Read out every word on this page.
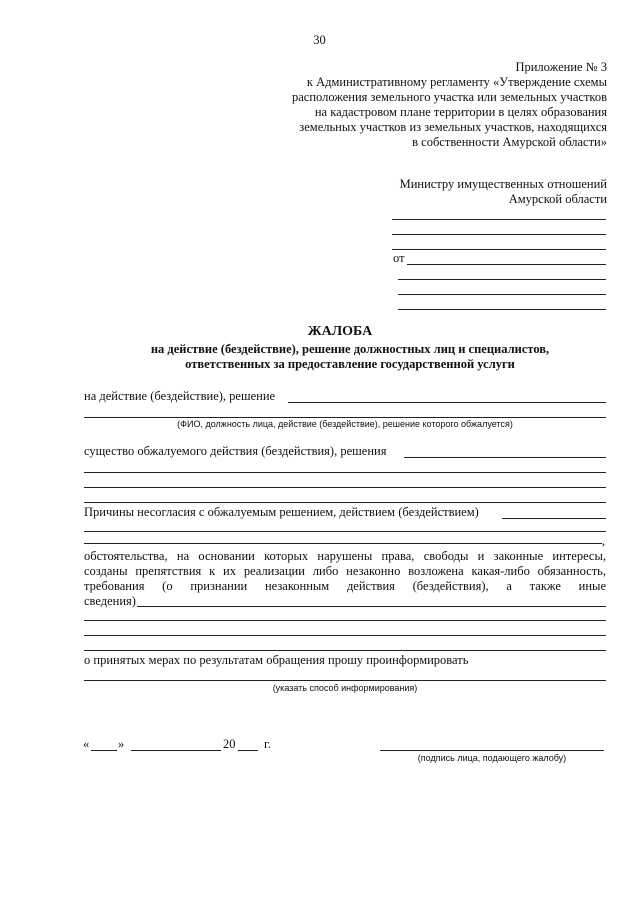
30
Приложение № 3
к Административному регламенту «Утверждение схемы
расположения земельного участка или земельных участков
на кадастровом плане территории в целях образования
земельных участков из земельных участков, находящихся
в собственности Амурской области»
Министру имущественных отношений
Амурской области
от
ЖАЛОБА
на действие (бездействие), решение должностных лиц и специалистов,
ответственных за предоставление государственной услуги
на действие (бездействие), решение
(ФИО, должность лица, действие (бездействие), решение которого обжалуется)
существо обжалуемого действия (бездействия), решения
Причины несогласия с обжалуемым решением, действием (бездействием)
,
обстоятельства, на основании которых нарушены права, свободы и законные интересы,
созданы препятствия к их реализации либо незаконно возложена какая-либо обязанность,
требования (о признании незаконным действия (бездействия), а также иные
сведения)
о принятых мерах по результатам обращения прошу проинформировать
(указать способ информирования)
« »	20 г.
(подпись лица, подающего жалобу)
